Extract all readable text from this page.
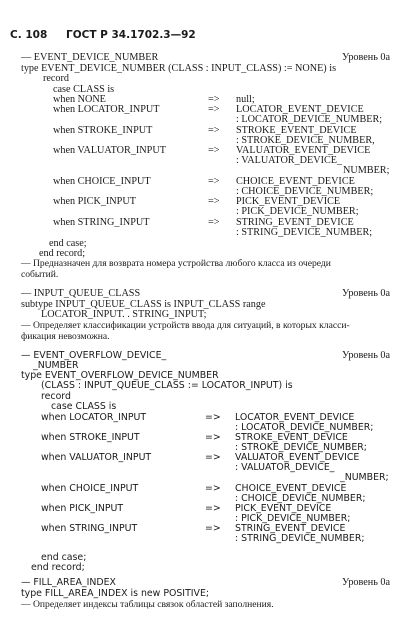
С. 108 ГОСТ Р 34.1702.3—92
— EVENT_DEVICE_NUMBER	Уровень 0а
type EVENT_DEVICE_NUMBER (CLASS : INPUT_CLASS) := NONE) is
record
case CLASS is
when NONE	=> null;
when LOCATOR_INPUT	=> LOCATOR_EVENT_DEVICE
: LOCATOR_DEVICE_NUMBER;
when STROKE_INPUT	=> STROKE_EVENT_DEVICE
: STROKE_DEVICE_NUMBER,
when VALUATOR_INPUT	=> VALUATOR_EVENT_DEVICE
: VALUATOR_DEVICE_
NUMBER;
when CHOICE_INPUT	=> CHOICE_EVENT_DEVICE
: CHOICE_DEVICE_NUMBER;
when PICK_INPUT	=> PICK_EVENT_DEVICE
: PICK_DEVICE_NUMBER;
when STRING_INPUT	=> STRING_EVENT_DEVICE
: STRING_DEVICE_NUMBER;
end case;
end record;
— Предназначен для возврата номера устройства любого класса из очереди
событий.
— INPUT_QUEUE_CLASS	Уровень 0а
subtype INPUT_QUEUE_CLASS is INPUT_CLASS range
LOCATOR_INPUT. . STRING_INPUT;
— Определяет классификации устройств ввода для ситуаций, в которых класси-
фикация невозможна.
— EVENT_OVERFLOW_DEVICE_
_NUMBER
Уровень 0а
type EVENT_OVERFLOW_DEVICE_NUMBER
(CLASS : INPUT_QUEUE_CLASS := LOCATOR_INPUT) is
record
case CLASS is
when LOCATOR_INPUT	=> LOCATOR_EVENT_DEVICE
: LOCATOR_DEVICE_NUMBER;
when STROKE_INPUT	=> STROKE_EVENT_DEVICE
: STROKE_DEVICE_NUMBER;
when VALUATOR_INPUT	=> VALUATOR_EVENT_DEVICE
: VALUATOR_DEVICE_
_NUMBER;
when CHOICE_INPUT	=> CHOICE_EVENT_DEVICE
: CHOICE_DEVICE_NUMBER;
when PICK_INPUT	=> PICK_EVENT_DEVICE
: PICK_DEVICE_NUMBER;
when STRING_INPUT	=> STRING_EVENT_DEVICE
: STRING_DEVICE_NUMBER;
end case;
end record;
— FILL_AREA_INDEX	Уровень 0а
type FILL_AREA_INDEX is new POSITIVE;
— Определяет индексы таблицы связок областей заполнения.
